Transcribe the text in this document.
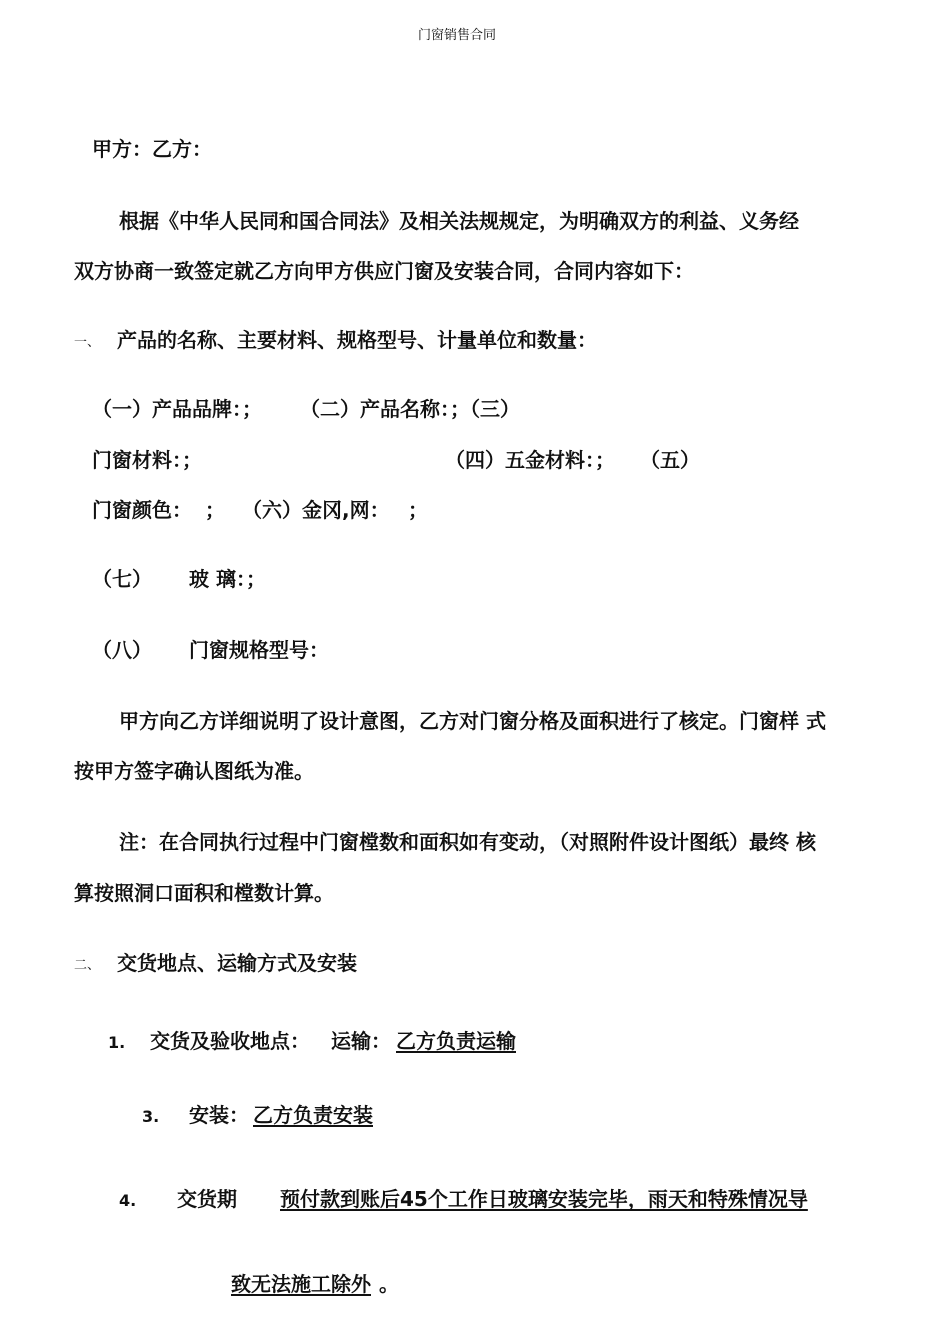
门窗销售合同
甲方：乙方：
根据《中华人民同和国合同法》及相关法规规定，为明确双方的利益、义务经
双方协商一致签定就乙方向甲方供应门窗及安装合同，合同内容如下：
一、 产品的名称、主要材料、规格型号、计量单位和数量：
（一）产品品牌：； （二）产品名称：；（三）
门窗材料：；	（四）五金材料：； （五）
门窗颜色： ； （六）金冈,网： ；
（七） 玻 璃：；
（八） 门窗规格型号：
甲方向乙方详细说明了设计意图，乙方对门窗分格及面积进行了核定。门窗样 式
按甲方签字确认图纸为准。
注：在合同执行过程中门窗樘数和面积如有变动，（对照附件设计图纸）最终 核
算按照洞口面积和樘数计算。
二、 交货地点、运输方式及安装
1. 交货及验收地点： 运输： 乙方负责运输
3. 安装： 乙方负责安装
4. 交货期 预付款到账后45个工作日玻璃安装完毕，雨天和特殊情况导
致无法施工除外 。
